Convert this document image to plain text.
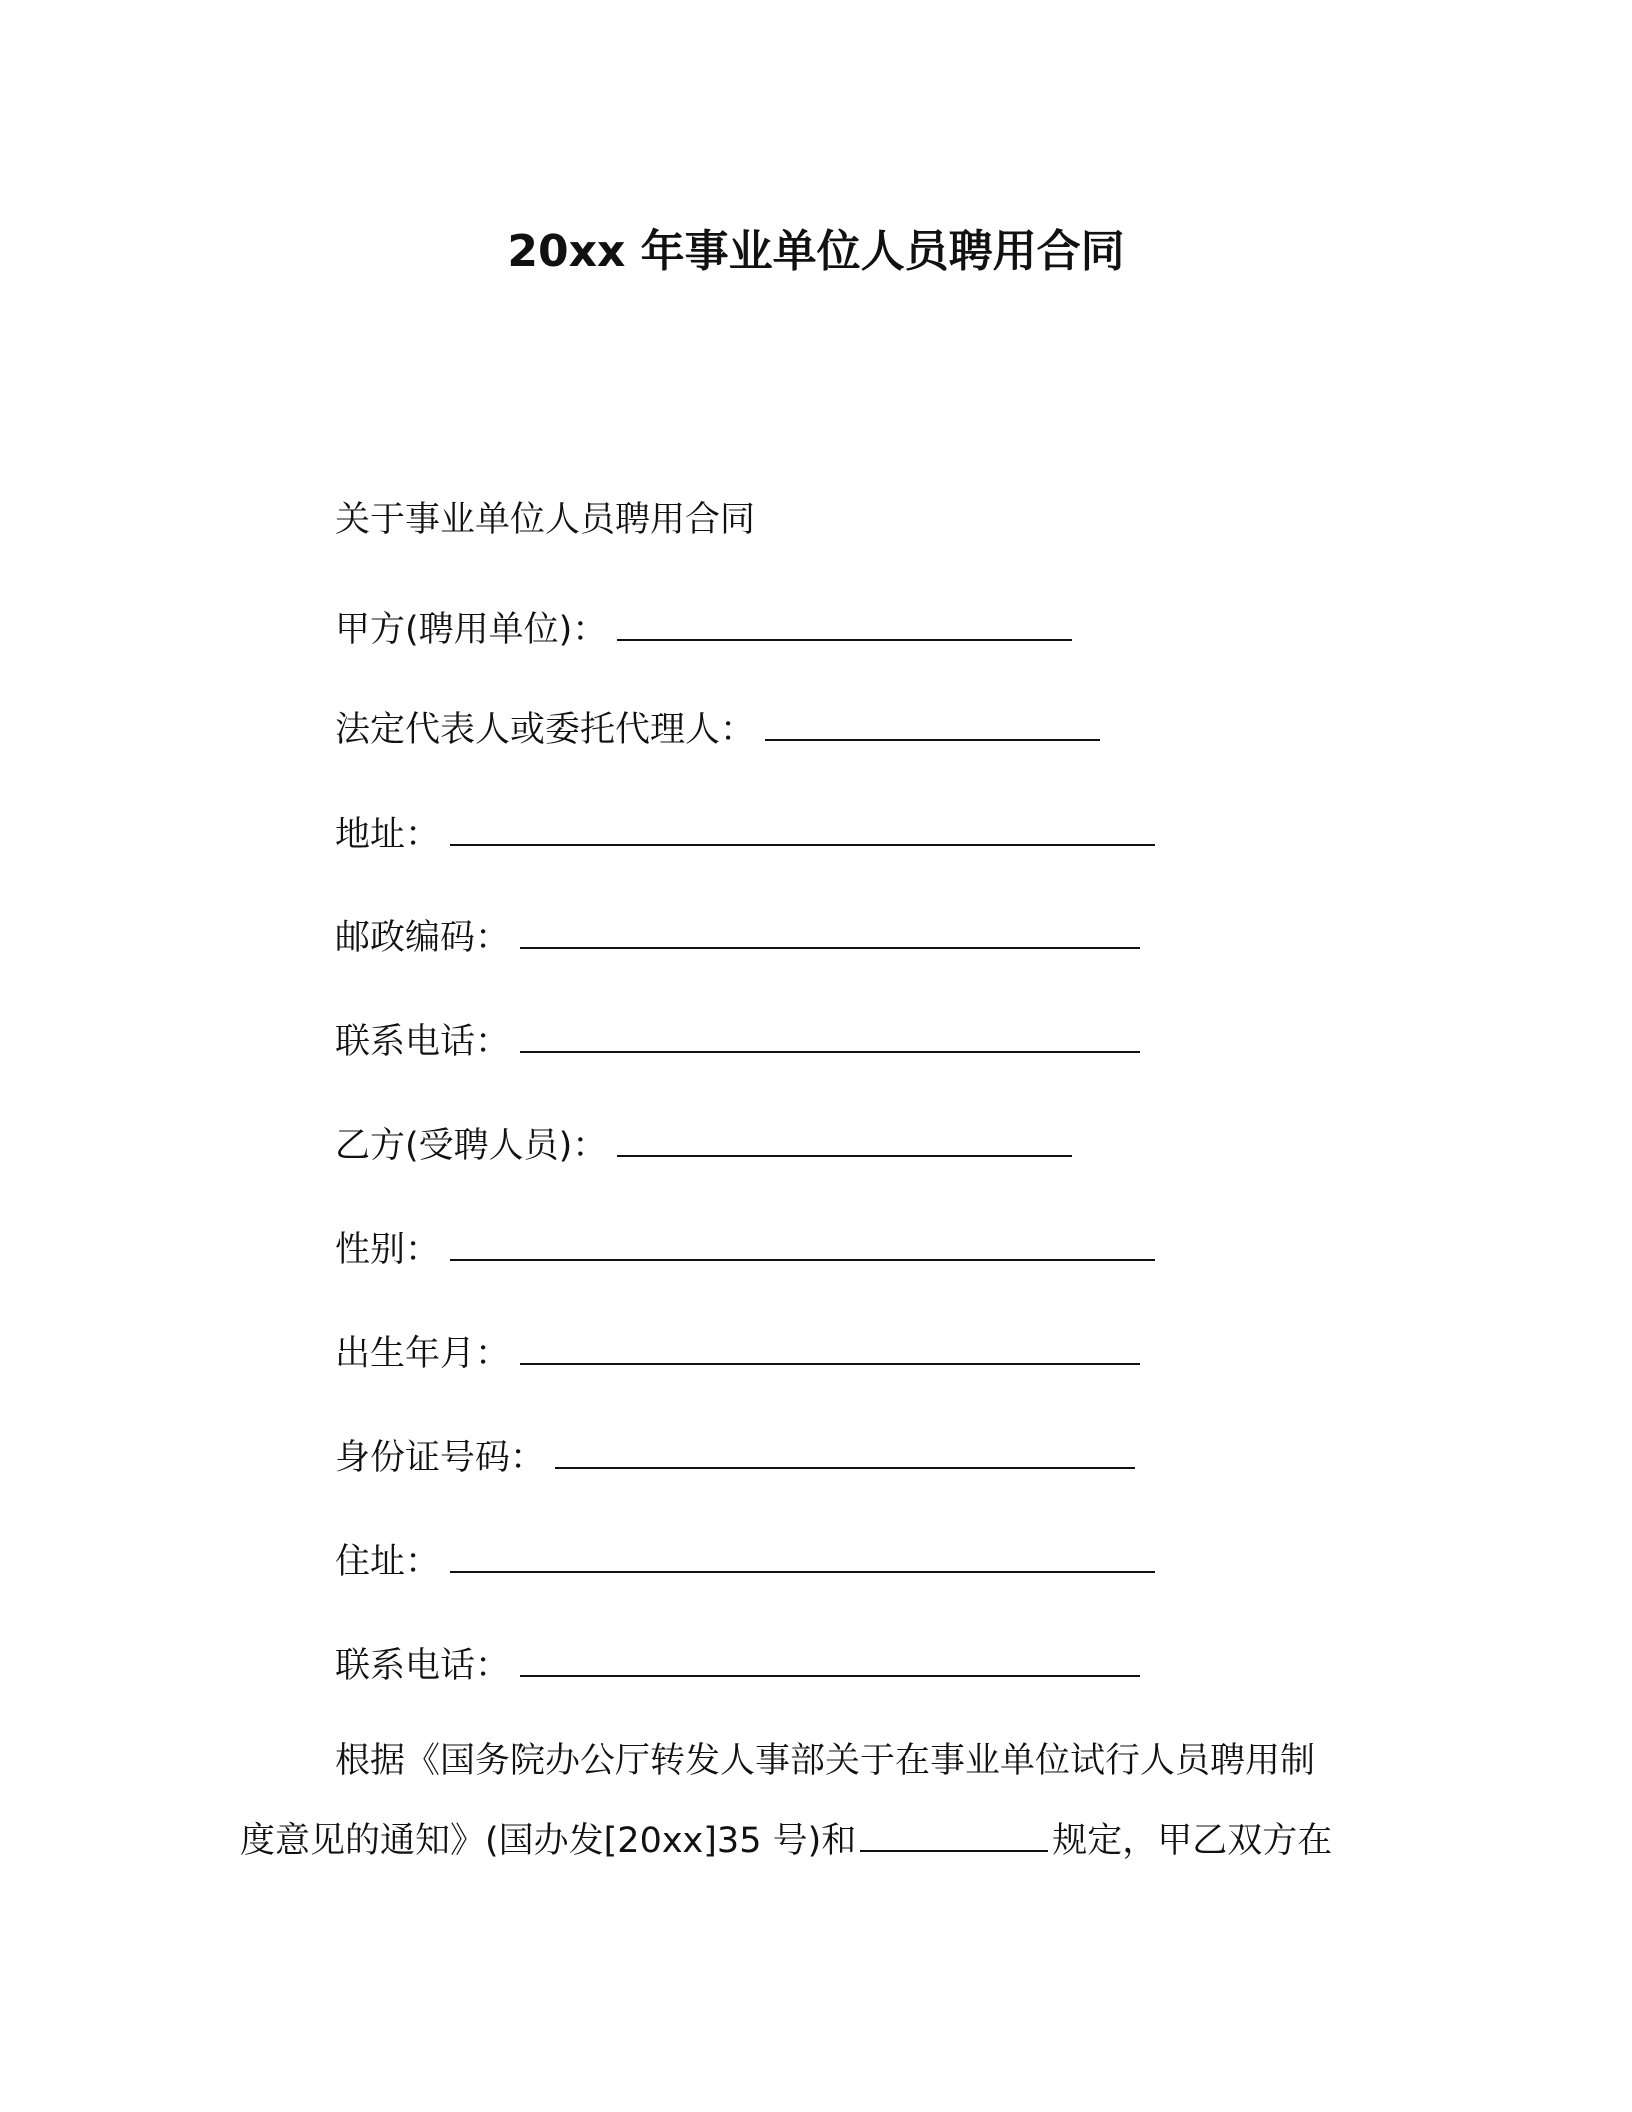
20xx 年事业单位人员聘用合同
关于事业单位人员聘用合同
甲方(聘用单位)：
法定代表人或委托代理人：
地址：
邮政编码：
联系电话：
乙方(受聘人员)：
性别：
出生年月：
身份证号码：
住址：
联系电话：
根据《国务院办公厅转发人事部关于在事业单位试行人员聘用制
度意见的通知》(国办发[20xx]35 号)和	规定，甲乙双方在
